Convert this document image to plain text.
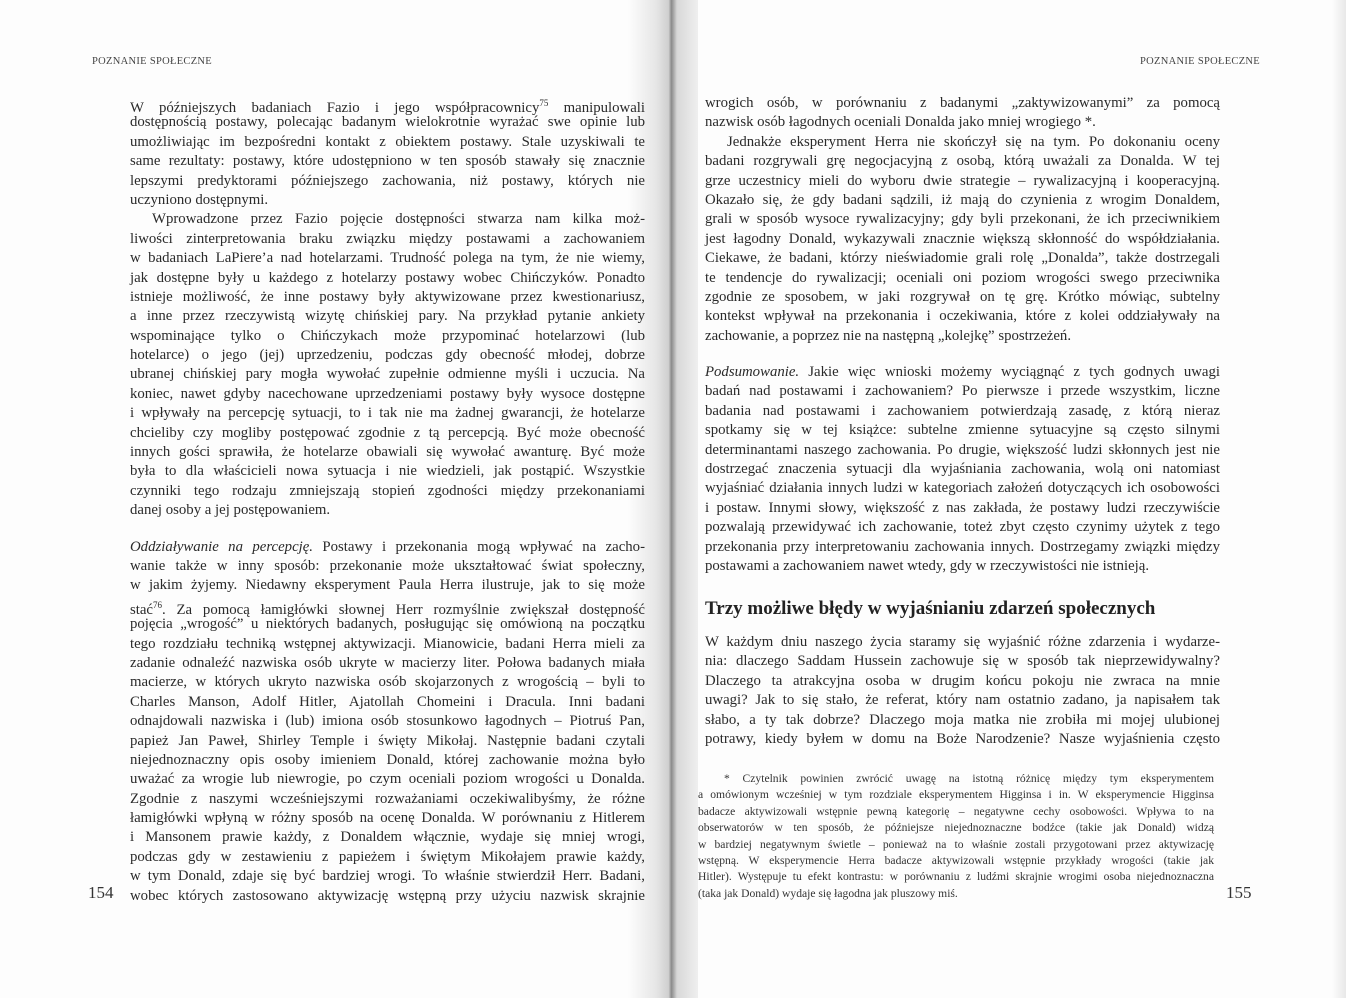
POZNANIE SPOŁECZNE	POZNANIE SPOŁECZNE
W późniejszych badaniach Fazio i jego współpracownicy$^{75}$ manipulowali
dostępnością postawy, polecając badanym wielokrotnie wyrażać swe opinie lub
umożliwiając im bezpośredni kontakt z obiektem postawy. Stale uzyskiwali te
same rezultaty: postawy, które udostępniono w ten sposób stawały się znacznie
lepszymi predyktorami późniejszego zachowania, niż postawy, których nie
uczyniono dostępnymi.
Wprowadzone przez Fazio pojęcie dostępności stwarza nam kilka moż-
liwości zinterpretowania braku związku między postawami a zachowaniem
w badaniach LaPiere’a nad hotelarzami. Trudność polega na tym, że nie wiemy,
jak dostępne były u każdego z hotelarzy postawy wobec Chińczyków. Ponadto
istnieje możliwość, że inne postawy były aktywizowane przez kwestionariusz,
a inne przez rzeczywistą wizytę chińskiej pary. Na przykład pytanie ankiety
wspominające tylko o Chińczykach może przypominać hotelarzowi (lub
hotelarce) o jego (jej) uprzedzeniu, podczas gdy obecność młodej, dobrze
ubranej chińskiej pary mogła wywołać zupełnie odmienne myśli i uczucia. Na
koniec, nawet gdyby nacechowane uprzedzeniami postawy były wysoce dostępne
i wpływały na percepcję sytuacji, to i tak nie ma żadnej gwarancji, że hotelarze
chcieliby czy mogliby postępować zgodnie z tą percepcją. Być może obecność
innych gości sprawiła, że hotelarze obawiali się wywołać awanturę. Być może
była to dla właścicieli nowa sytuacja i nie wiedzieli, jak postąpić. Wszystkie
czynniki tego rodzaju zmniejszają stopień zgodności między przekonaniami
danej osoby a jej postępowaniem.
Oddziaływanie na percepcję. Postawy i przekonania mogą wpływać na zacho-
wanie także w inny sposób: przekonanie może ukształtować świat społeczny,
w jakim żyjemy. Niedawny eksperyment Paula Herra ilustruje, jak to się może
stać$^{76}$. Za pomocą łamigłówki słownej Herr rozmyślnie zwiększał dostępność
pojęcia „wrogość” u niektórych badanych, posługując się omówioną na początku
tego rozdziału techniką wstępnej aktywizacji. Mianowicie, badani Herra mieli za
zadanie odnaleźć nazwiska osób ukryte w macierzy liter. Połowa badanych miała
macierze, w których ukryto nazwiska osób skojarzonych z wrogością – byli to
Charles Manson, Adolf Hitler, Ajatollah Chomeini i Dracula. Inni badani
odnajdowali nazwiska i (lub) imiona osób stosunkowo łagodnych – Piotruś Pan,
papież Jan Paweł, Shirley Temple i święty Mikołaj. Następnie badani czytali
niejednoznaczny opis osoby imieniem Donald, której zachowanie można było
uważać za wrogie lub niewrogie, po czym oceniali poziom wrogości u Donalda.
Zgodnie z naszymi wcześniejszymi rozważaniami oczekiwalibyśmy, że różne
łamigłówki wpłyną w różny sposób na ocenę Donalda. W porównaniu z Hitlerem
i Mansonem prawie każdy, z Donaldem włącznie, wydaje się mniej wrogi,
podczas gdy w zestawieniu z papieżem i świętym Mikołajem prawie każdy,
w tym Donald, zdaje się być bardziej wrogi. To właśnie stwierdził Herr. Badani,
wobec których zastosowano aktywizację wstępną przy użyciu nazwisk skrajnie
wrogich osób, w porównaniu z badanymi „zaktywizowanymi” za pomocą
nazwisk osób łagodnych oceniali Donalda jako mniej wrogiego *.
Jednakże eksperyment Herra nie skończył się na tym. Po dokonaniu oceny
badani rozgrywali grę negocjacyjną z osobą, którą uważali za Donalda. W tej
grze uczestnicy mieli do wyboru dwie strategie – rywalizacyjną i kooperacyjną.
Okazało się, że gdy badani sądzili, iż mają do czynienia z wrogim Donaldem,
grali w sposób wysoce rywalizacyjny; gdy byli przekonani, że ich przeciwnikiem
jest łagodny Donald, wykazywali znacznie większą skłonność do współdziałania.
Ciekawe, że badani, którzy nieświadomie grali rolę „Donalda”, także dostrzegali
te tendencje do rywalizacji; oceniali oni poziom wrogości swego przeciwnika
zgodnie ze sposobem, w jaki rozgrywał on tę grę. Krótko mówiąc, subtelny
kontekst wpływał na przekonania i oczekiwania, które z kolei oddziaływały na
zachowanie, a poprzez nie na następną „kolejkę” spostrzeżeń.
Podsumowanie. Jakie więc wnioski możemy wyciągnąć z tych godnych uwagi
badań nad postawami i zachowaniem? Po pierwsze i przede wszystkim, liczne
badania nad postawami i zachowaniem potwierdzają zasadę, z którą nieraz
spotkamy się w tej książce: subtelne zmienne sytuacyjne są często silnymi
determinantami naszego zachowania. Po drugie, większość ludzi skłonnych jest nie
dostrzegać znaczenia sytuacji dla wyjaśniania zachowania, wolą oni natomiast
wyjaśniać działania innych ludzi w kategoriach założeń dotyczących ich osobowości
i postaw. Innymi słowy, większość z nas zakłada, że postawy ludzi rzeczywiście
pozwalają przewidywać ich zachowanie, toteż zbyt często czynimy użytek z tego
przekonania przy interpretowaniu zachowania innych. Dostrzegamy związki między
postawami a zachowaniem nawet wtedy, gdy w rzeczywistości nie istnieją.
Trzy możliwe błędy w wyjaśnianiu zdarzeń społecznych
W każdym dniu naszego życia staramy się wyjaśnić różne zdarzenia i wydarze-
nia: dlaczego Saddam Hussein zachowuje się w sposób tak nieprzewidywalny?
Dlaczego ta atrakcyjna osoba w drugim końcu pokoju nie zwraca na mnie
uwagi? Jak to się stało, że referat, który nam ostatnio zadano, ja napisałem tak
słabo, a ty tak dobrze? Dlaczego moja matka nie zrobiła mi mojej ulubionej
potrawy, kiedy byłem w domu na Boże Narodzenie? Nasze wyjaśnienia często
* Czytelnik powinien zwrócić uwagę na istotną różnicę między tym eksperymentem
a omówionym wcześniej w tym rozdziale eksperymentem Higginsa i in. W eksperymencie Higginsa
badacze aktywizowali wstępnie pewną kategorię – negatywne cechy osobowości. Wpływa to na
obserwatorów w ten sposób, że późniejsze niejednoznaczne bodźce (takie jak Donald) widzą
w bardziej negatywnym świetle – ponieważ na to właśnie zostali przygotowani przez aktywizację
wstępną. W eksperymencie Herra badacze aktywizowali wstępnie przykłady wrogości (takie jak
Hitler). Występuje tu efekt kontrastu: w porównaniu z ludźmi skrajnie wrogimi osoba niejednoznaczna
(taka jak Donald) wydaje się łagodna jak pluszowy miś.
154	155
